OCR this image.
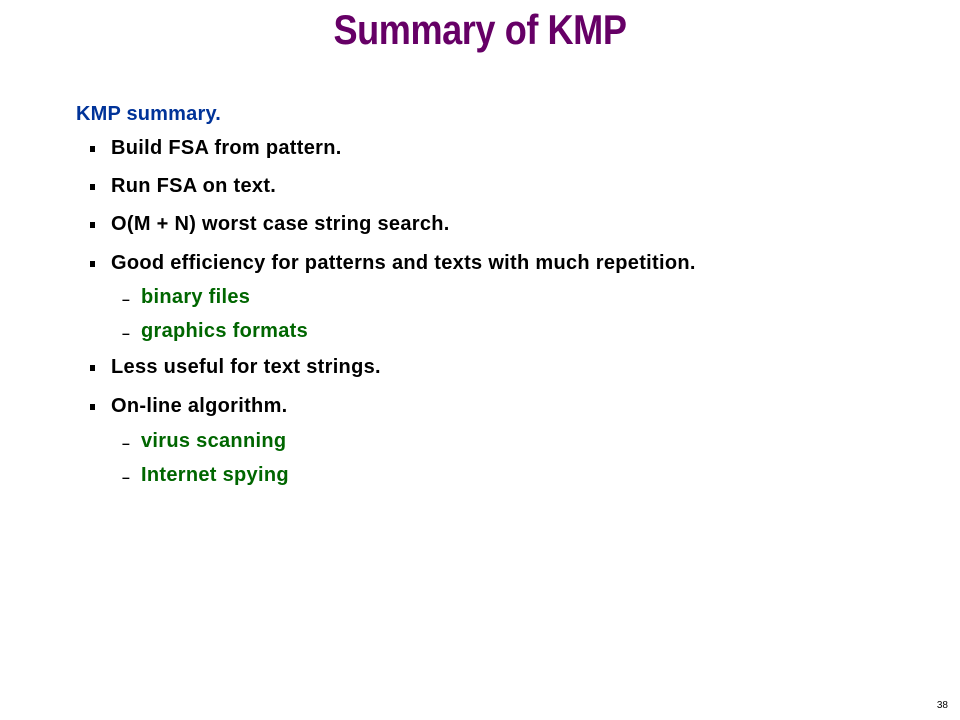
Summary of KMP
KMP summary.
Build FSA from pattern.
Run FSA on text.
O(M + N) worst case string search.
Good efficiency for patterns and texts with much repetition.
– binary files
– graphics formats
Less useful for text strings.
On-line algorithm.
– virus scanning
– Internet spying
38
